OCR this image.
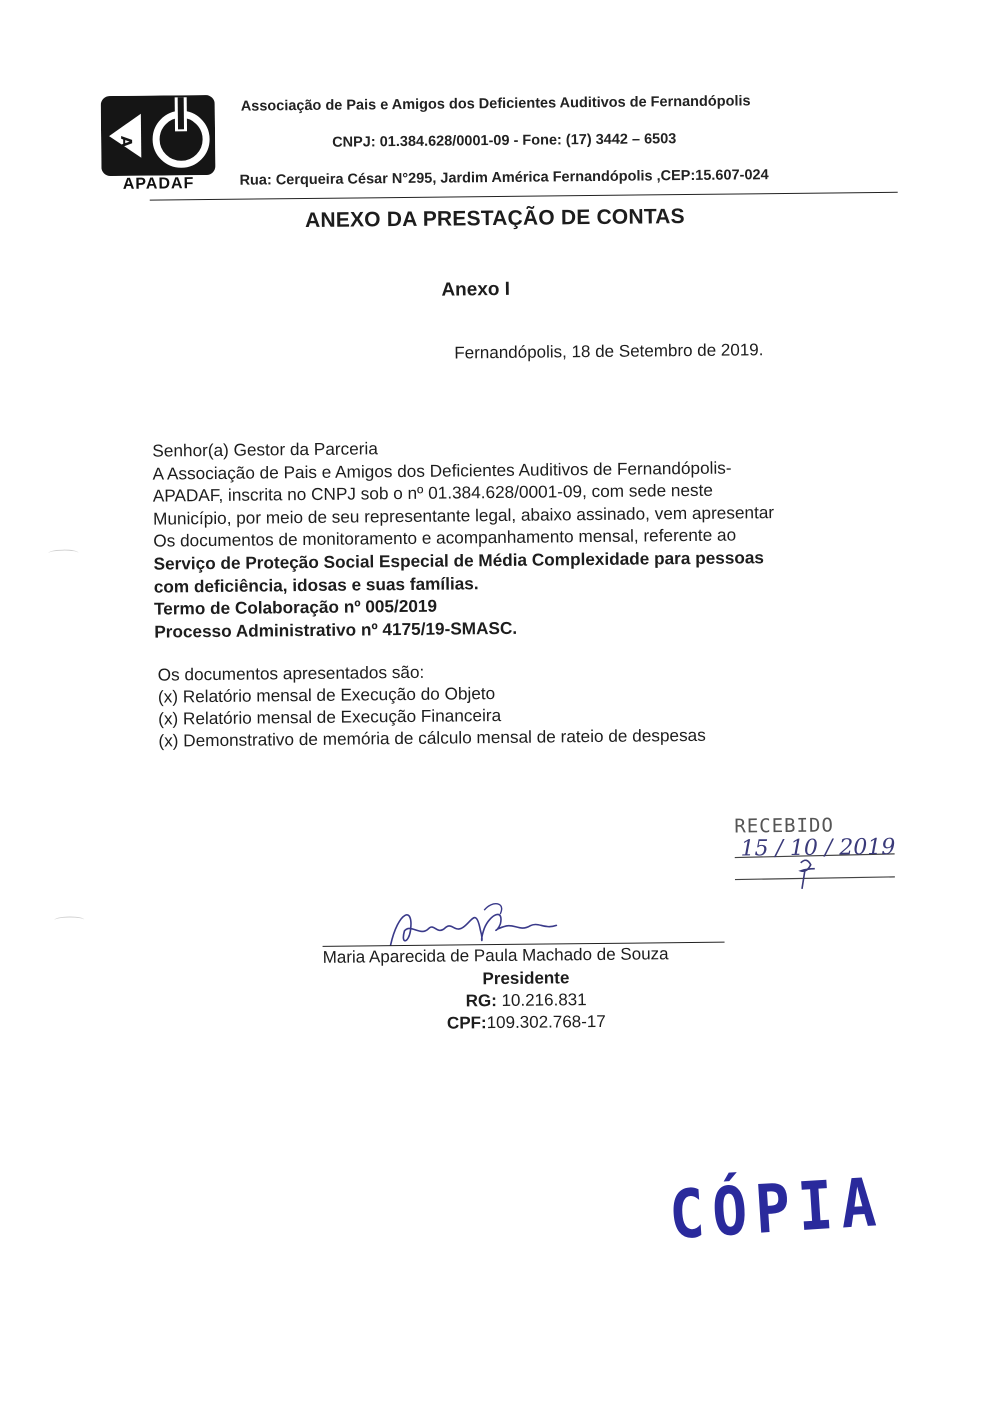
A
APADAF
Associação de Pais e Amigos dos Deficientes Auditivos de Fernandópolis
CNPJ: 01.384.628/0001-09 - Fone: (17) 3442 – 6503
Rua: Cerqueira César N°295, Jardim América Fernandópolis ,CEP:15.607-024
ANEXO DA PRESTAÇÃO DE CONTAS
Anexo I
Fernandópolis, 18 de Setembro de 2019.

Senhor(a) Gestor da Parceria

A Associação de Pais e Amigos dos Deficientes Auditivos de Fernandópolis-

APADAF, inscrita no CNPJ sob o nº 01.384.628/0001-09, com sede neste

Município, por meio de seu representante legal, abaixo assinado, vem apresentar

Os documentos de monitoramento e acompanhamento mensal, referente ao

Serviço de Proteção Social Especial de Média Complexidade para pessoas

com deficiência, idosas e suas famílias.

Termo de Colaboração nº 005/2019

Processo Administrativo nº 4175/19-SMASC.

Os documentos apresentados são:

(x) Relatório mensal de Execução do Objeto

(x) Relatório mensal de Execução Financeira

(x) Demonstrativo de memória de cálculo mensal de rateio de despesas

RECEBIDO
15 / 10 / 2019
Maria Aparecida de Paula Machado de Souza
Presidente
RG: 10.216.831
CPF:109.302.768-17
CÓPIA
